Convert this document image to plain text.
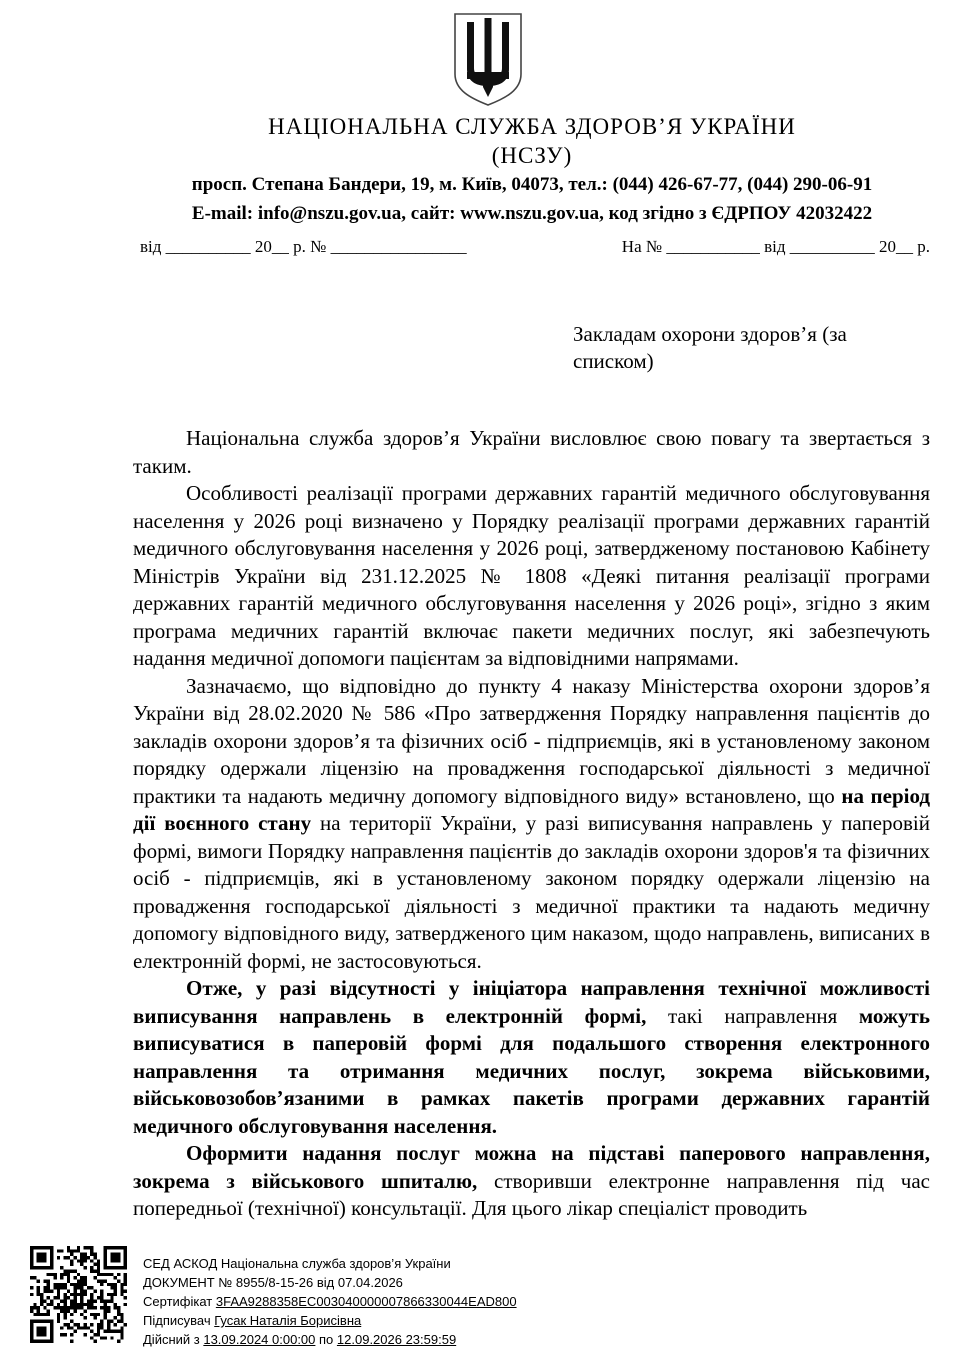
НАЦІОНАЛЬНА СЛУЖБА ЗДОРОВ’Я УКРАЇНИ
(НСЗУ)
просп. Степана Бандери, 19, м. Київ, 04073, тел.: (044) 426-67-77, (044) 290-06-91
E-mail: info@nszu.gov.ua, сайт: www.nszu.gov.ua, код згідно з ЄДРПОУ 42032422
від __________ 20__ р. № ________________	На № ___________ від __________ 20__ р.
Закладам охорони здоров’я (за списком)

Національна служба здоров’я України висловлює свою повагу та звертається з таким.

Особливості реалізації програми державних гарантій медичного обслуговування населення у 2026 році визначено у Порядку реалізації програми державних гарантій медичного обслуговування населення у 2026 році, затвердженому постановою Кабінету Міністрів України від 231.12.2025 № 1808 «Деякі питання реалізації програми державних гарантій медичного обслуговування населення у 2026 році», згідно з яким програма медичних гарантій включає пакети медичних послуг, які забезпечують надання медичної допомоги пацієнтам за відповідними напрямами.

Зазначаємо, що відповідно до пункту 4 наказу Міністерства охорони здоров’я України від 28.02.2020 № 586 «Про затвердження Порядку направлення пацієнтів до закладів охорони здоров’я та фізичних осіб - підприємців, які в установленому законом порядку одержали ліцензію на провадження господарської діяльності з медичної практики та надають медичну допомогу відповідного виду» встановлено, що на період дії воєнного стану на території України, у разі виписування направлень у паперовій формі, вимоги Порядку направлення пацієнтів до закладів охорони здоров'я та фізичних осіб - підприємців, які в установленому законом порядку одержали ліцензію на провадження господарської діяльності з медичної практики та надають медичну допомогу відповідного виду, затвердженого цим наказом, щодо направлень, виписаних в електронній формі, не застосовуються.

Отже, у разі відсутності у ініціатора направлення технічної можливості виписування направлень в електронній формі, такі направлення можуть виписуватися в паперовій формі для подальшого створення електронного направлення та отримання медичних послуг, зокрема військовими, військовозобов’язаними в рамках пакетів програми державних гарантій медичного обслуговування населення.

Оформити надання послуг можна на підставі паперового направлення, зокрема з військового шпиталю, створивши електронне направлення під час попередньої (технічної) консультації. Для цього лікар спеціаліст проводить

СЕД АСКОД Національна служба здоров’я України
ДОКУМЕНТ № 8955/8-15-26 від 07.04.2026
Сертифікат 3FAA9288358EC003040000007866330044EAD800
Підписувач Гусак Наталія Борисівна
Дійсний з 13.09.2024 0:00:00 по 12.09.2026 23:59:59
